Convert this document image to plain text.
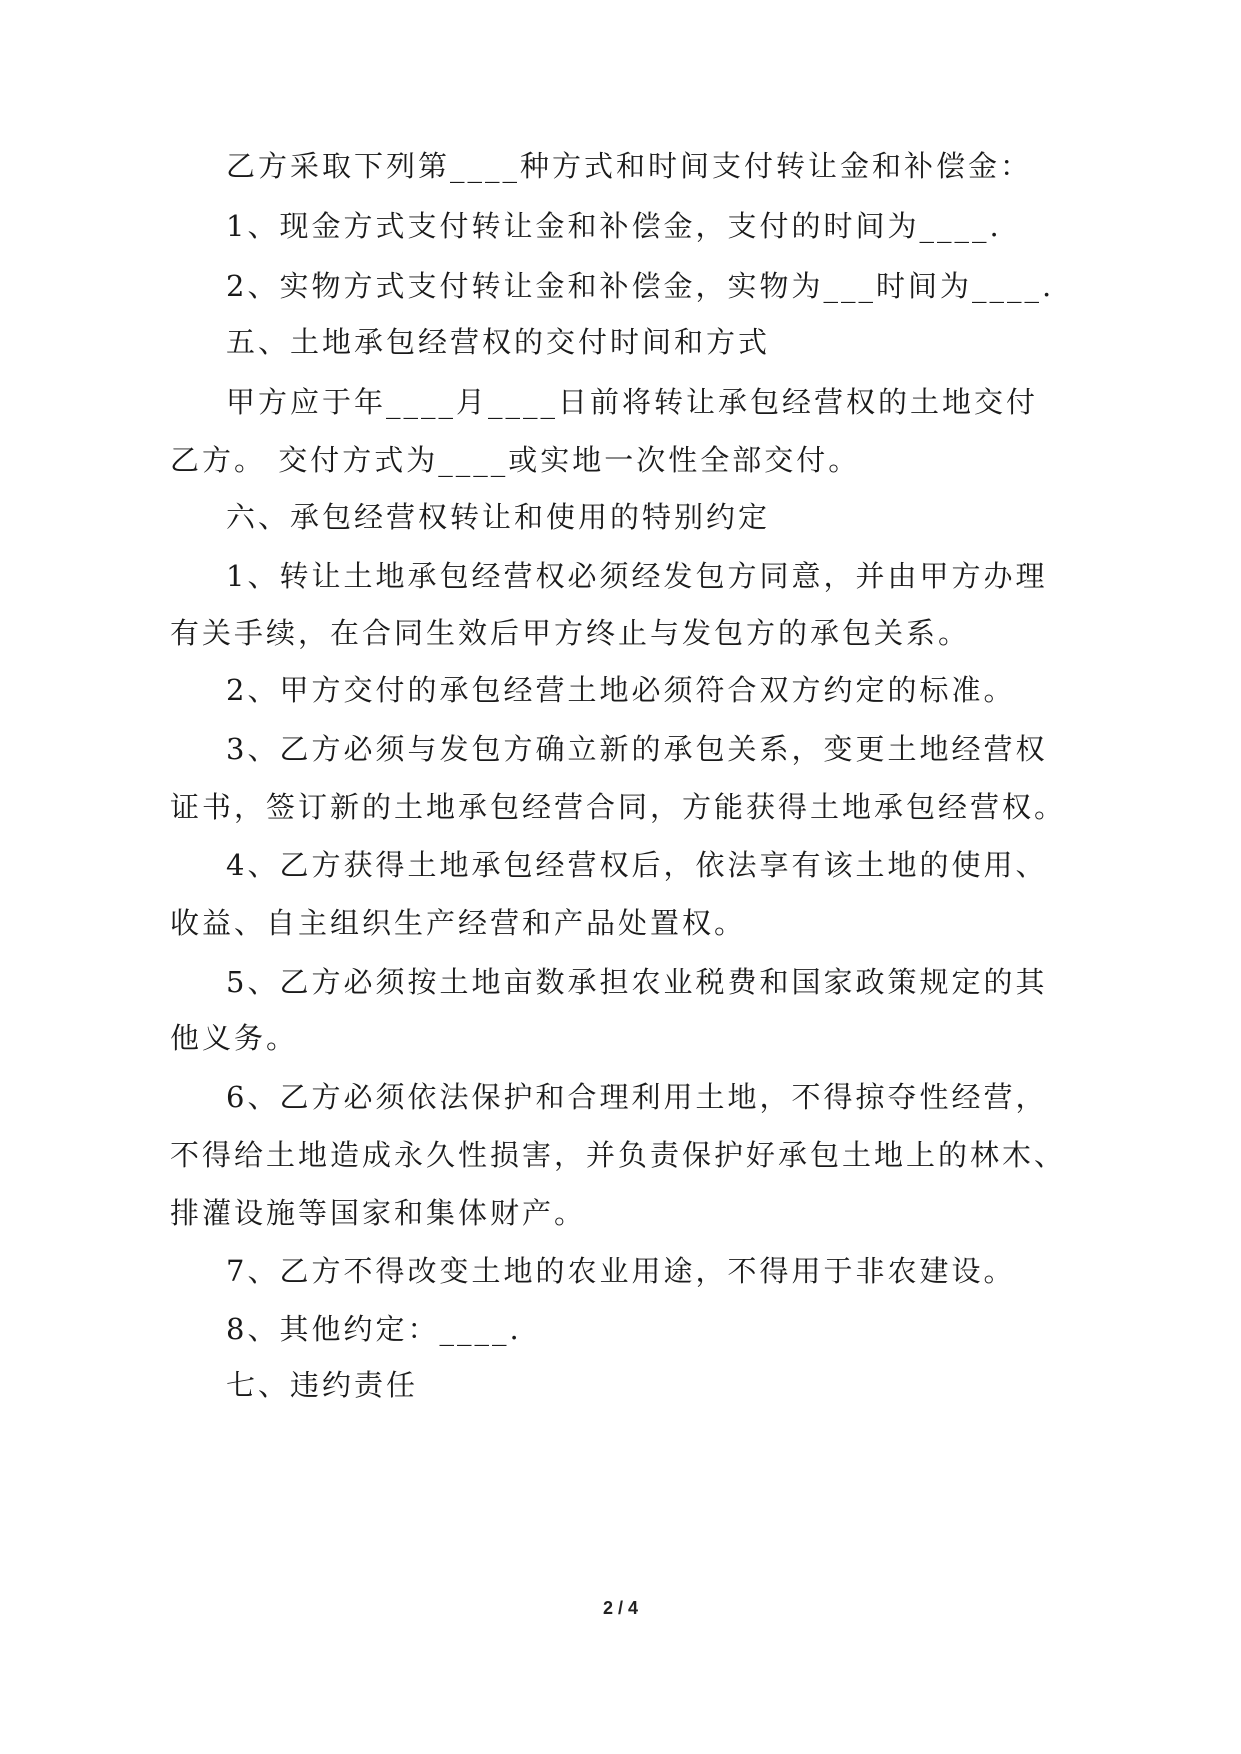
乙方采取下列第____种方式和时间支付转让金和补偿金：
1、现金方式支付转让金和补偿金，支付的时间为____.
2、实物方式支付转让金和补偿金，实物为___时间为____.
五、土地承包经营权的交付时间和方式
甲方应于年____月____日前将转让承包经营权的土地交付
乙方。 交付方式为____或实地一次性全部交付。
六、承包经营权转让和使用的特别约定
1、转让土地承包经营权必须经发包方同意，并由甲方办理
有关手续，在合同生效后甲方终止与发包方的承包关系。
2、甲方交付的承包经营土地必须符合双方约定的标准。
3、乙方必须与发包方确立新的承包关系，变更土地经营权
证书，签订新的土地承包经营合同，方能获得土地承包经营权。
4、乙方获得土地承包经营权后，依法享有该土地的使用、
收益、自主组织生产经营和产品处置权。
5、乙方必须按土地亩数承担农业税费和国家政策规定的其
他义务。
6、乙方必须依法保护和合理利用土地，不得掠夺性经营，
不得给土地造成永久性损害，并负责保护好承包土地上的林木、
排灌设施等国家和集体财产。
7、乙方不得改变土地的农业用途，不得用于非农建设。
8、其他约定：____.
七、违约责任
2 / 4
